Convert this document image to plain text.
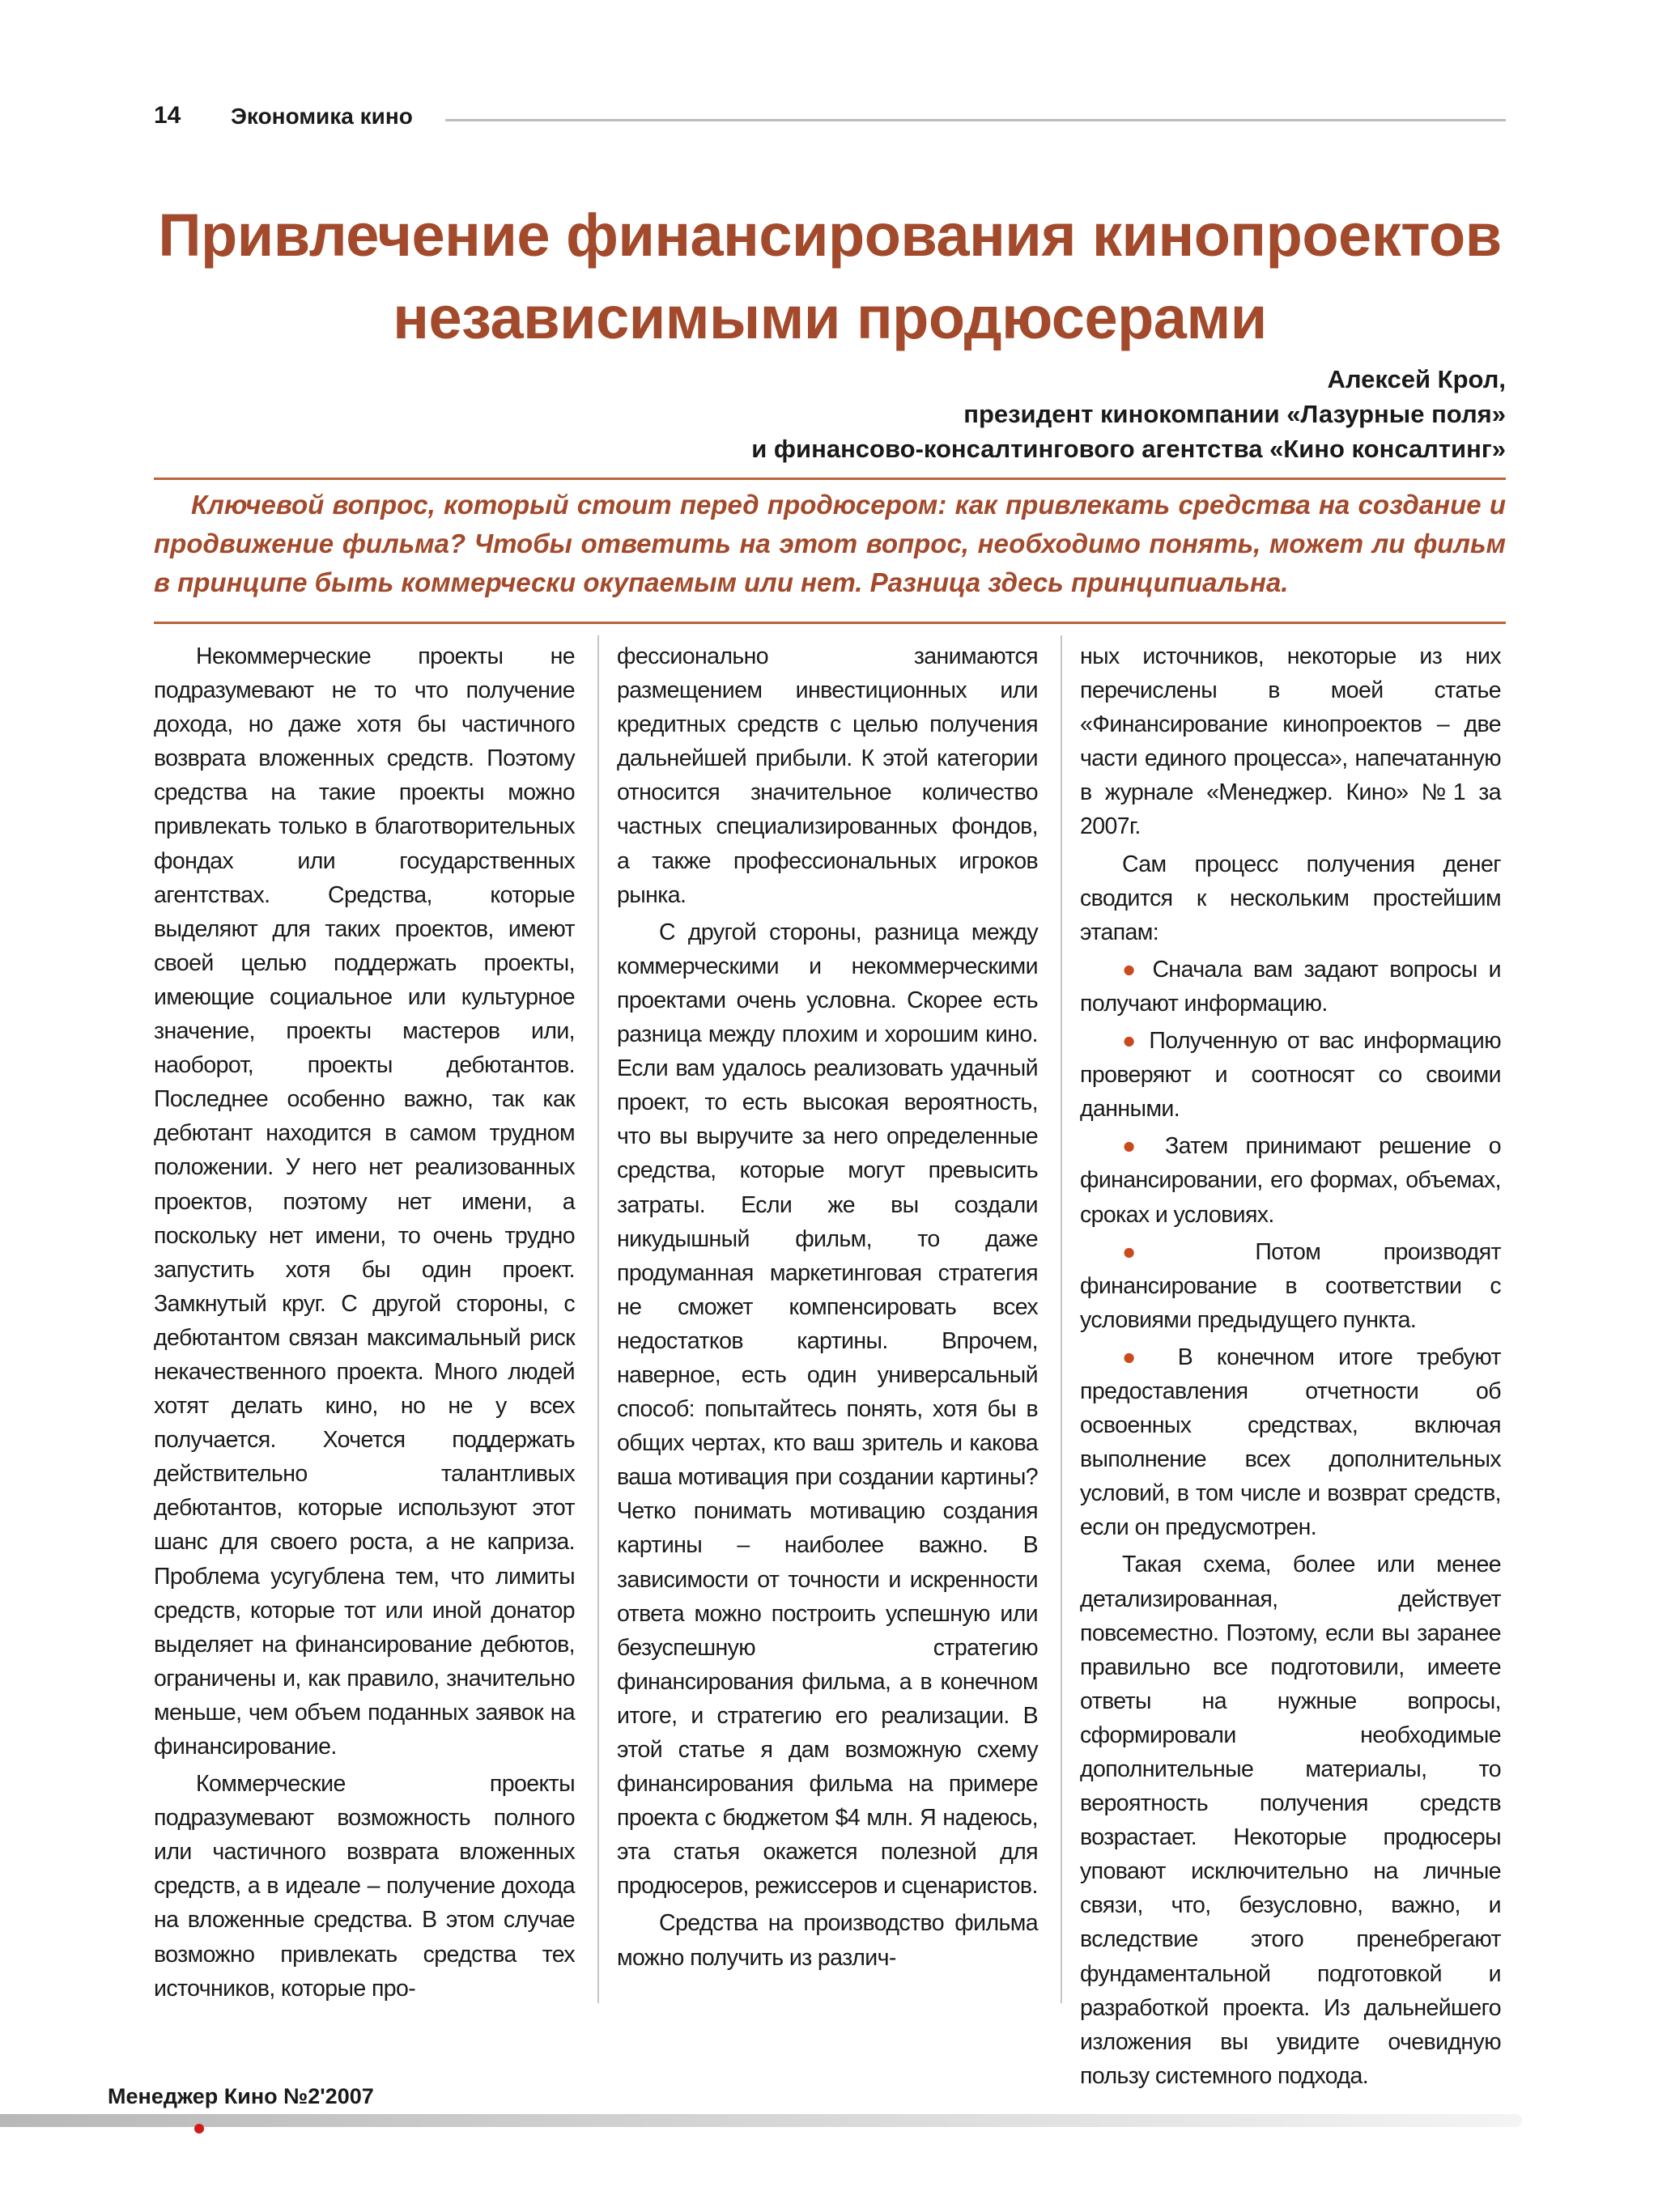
14 Экономика кино
Привлечение финансирования кинопроектов
независимыми продюсерами
Алексей Крол,
президент кинокомпании «Лазурные поля»
и финансово-консалтингового агентства «Кино консалтинг»

Ключевой вопрос, который стоит перед продюсером: как привлекать средства на создание и продвижение фильма? Чтобы ответить на этот вопрос, необходимо понять, может ли фильм в принципе быть коммерчески окупаемым или нет. Разница здесь принципиальна.

Некоммерческие проекты не подразумевают не то что получение дохода, но даже хотя бы частичного возврата вложенных средств. Поэтому средства на такие проекты можно привлекать только в благотворительных фондах или государственных агентствах. Средства, которые выделяют для таких проектов, имеют своей целью поддержать проекты, имеющие социальное или культурное значение, проекты мастеров или, наоборот, проекты дебютантов. Последнее особенно важно, так как дебютант находится в самом трудном положении. У него нет реализованных проектов, поэтому нет имени, а поскольку нет имени, то очень трудно запустить хотя бы один проект. Замкнутый круг. С другой стороны, с дебютантом связан максимальный риск некачественного проекта. Много людей хотят делать кино, но не у всех получается. Хочется поддержать действительно талантливых дебютантов, которые используют этот шанс для своего роста, а не каприза. Проблема усугублена тем, что лимиты средств, которые тот или иной донатор выделяет на финансирование дебютов, ограничены и, как правило, значительно меньше, чем объем поданных заявок на финансирование.

Коммерческие проекты подразумевают возможность полного или частичного возврата вложенных средств, а в идеале – получение дохода на вложенные средства. В этом случае возможно привлекать средства тех источников, которые про-

фессионально занимаются размещением инвестиционных или кредитных средств с целью получения дальнейшей прибыли. К этой категории относится значительное количество частных специализированных фондов, а также профессиональных игроков рынка.

С другой стороны, разница между коммерческими и некоммерческими проектами очень условна. Скорее есть разница между плохим и хорошим кино. Если вам удалось реализовать удачный проект, то есть высокая вероятность, что вы выручите за него определенные средства, которые могут превысить затраты. Если же вы создали никудышный фильм, то даже продуманная маркетинговая стратегия не сможет компенсировать всех недостатков картины. Впрочем, наверное, есть один универсальный способ: попытайтесь понять, хотя бы в общих чертах, кто ваш зритель и какова ваша мотивация при создании картины? Четко понимать мотивацию создания картины – наиболее важно. В зависимости от точности и искренности ответа можно построить успешную или безуспешную стратегию финансирования фильма, а в конечном итоге, и стратегию его реализации. В этой статье я дам возможную схему финансирования фильма на примере проекта с бюджетом $4 млн. Я надеюсь, эта статья окажется полезной для продюсеров, режиссеров и сценаристов.

Средства на производство фильма можно получить из различ-

ных источников, некоторые из них перечислены в моей статье «Финансирование кинопроектов – две части единого процесса», напечатанную в журнале «Менеджер. Кино» №1 за 2007г.

Сам процесс получения денег сводится к нескольким простейшим этапам:

● Сначала вам задают вопросы и получают информацию.

● Полученную от вас информацию проверяют и соотносят со своими данными.

● Затем принимают решение о финансировании, его формах, объемах, сроках и условиях.

●	Потом производят финансирование в соответствии с условиями предыдущего пункта.

● В конечном итоге требуют предоставления отчетности об освоенных средствах, включая выполнение всех дополнительных условий, в том числе и возврат средств, если он предусмотрен.

Такая схема, более или менее детализированная, действует повсеместно. Поэтому, если вы заранее правильно все подготовили, имеете ответы на нужные вопросы, сформировали необходимые дополнительные материалы, то вероятность получения средств возрастает. Некоторые продюсеры уповают исключительно на личные связи, что, безусловно, важно, и вследствие этого пренебрегают фундаментальной подготовкой и разработкой проекта. Из дальнейшего изложения вы увидите очевидную пользу системного подхода.

Менеджер Кино №2'2007
